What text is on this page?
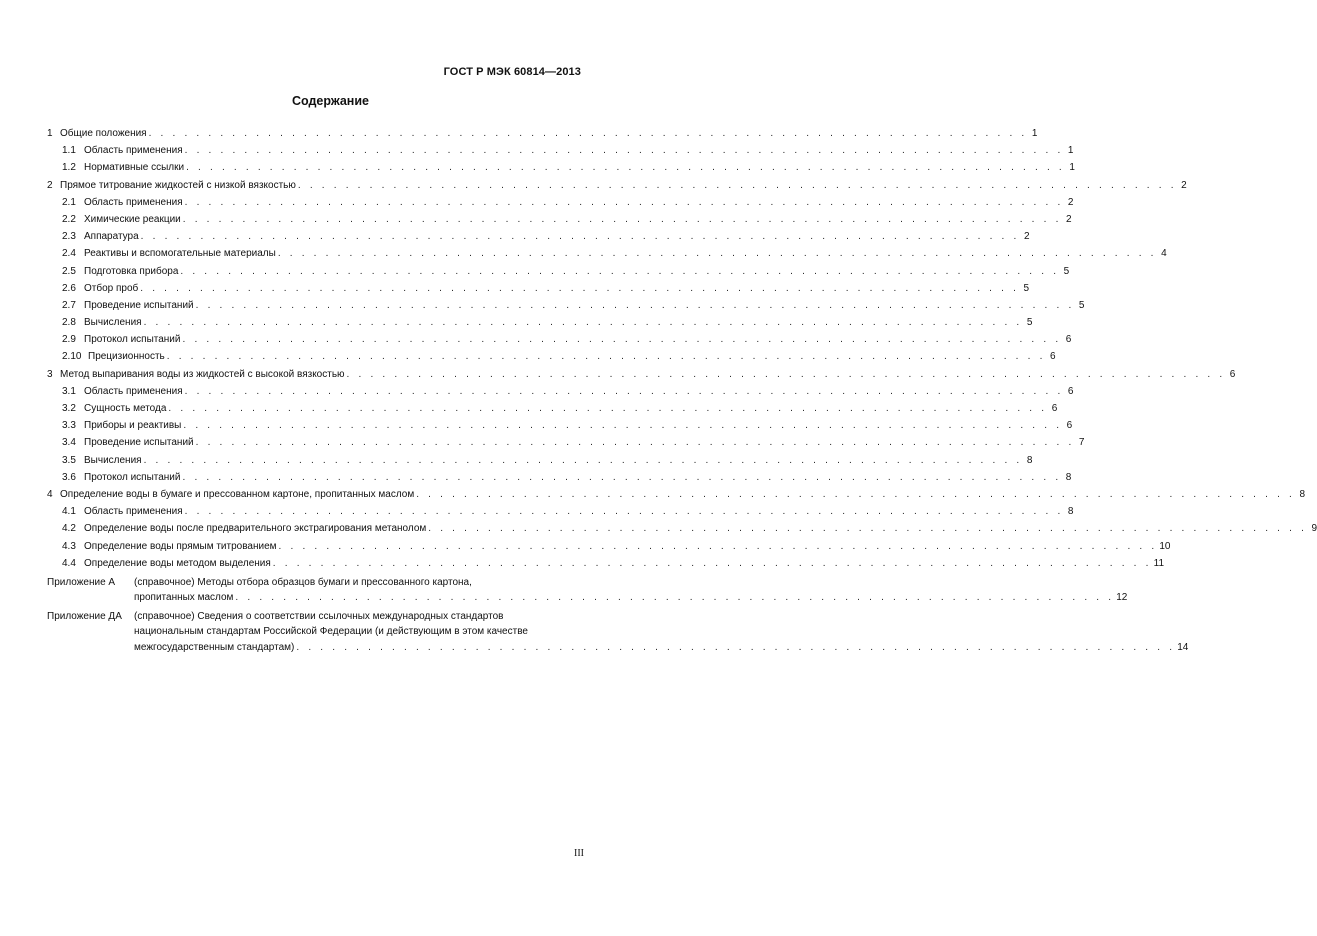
ГОСТ Р МЭК 60814—2013
Содержание
1 Общие положения . . . . . . . . . . . . . . . . . . . . . . . . . . . . . . . . . . . . . . . . . . . . . . . . . . . . . . . . . . . . . . . . . . . . . . . . . . 1
1.1 Область применения . . . . . . . . . . . . . . . . . . . . . . . . . . . . . . . . . . . . . . . . . . . . . . . . . . . . . . . . . . . . . . . . . . . . . . . . . . 1
1.2 Нормативные ссылки . . . . . . . . . . . . . . . . . . . . . . . . . . . . . . . . . . . . . . . . . . . . . . . . . . . . . . . . . . . . . . . . . . . . . . . . . . 1
2 Прямое титрование жидкостей с низкой вязкостью . . . . . . . . . . . . . . . . . . . . . . . . . . . . . . . . . . . . . . . . . . . . . . . . . . . . . . . . . . . . . . . . . . . . . . . . . . 2
2.1 Область применения . . . . . . . . . . . . . . . . . . . . . . . . . . . . . . . . . . . . . . . . . . . . . . . . . . . . . . . . . . . . . . . . . . . . . . . . . . 2
2.2 Химические реакции . . . . . . . . . . . . . . . . . . . . . . . . . . . . . . . . . . . . . . . . . . . . . . . . . . . . . . . . . . . . . . . . . . . . . . . . . . 2
2.3 Аппаратура . . . . . . . . . . . . . . . . . . . . . . . . . . . . . . . . . . . . . . . . . . . . . . . . . . . . . . . . . . . . . . . . . . . . . . . . . . 2
2.4 Реактивы и вспомогательные материалы . . . . . . . . . . . . . . . . . . . . . . . . . . . . . . . . . . . . . . . . . . . . . . . . . . . . . . . . . . . . . . . . . . . . . . . . . . 4
2.5 Подготовка прибора . . . . . . . . . . . . . . . . . . . . . . . . . . . . . . . . . . . . . . . . . . . . . . . . . . . . . . . . . . . . . . . . . . . . . . . . . . 5
2.6 Отбор проб . . . . . . . . . . . . . . . . . . . . . . . . . . . . . . . . . . . . . . . . . . . . . . . . . . . . . . . . . . . . . . . . . . . . . . . . . . 5
2.7 Проведение испытаний . . . . . . . . . . . . . . . . . . . . . . . . . . . . . . . . . . . . . . . . . . . . . . . . . . . . . . . . . . . . . . . . . . . . . . . . . . 5
2.8 Вычисления . . . . . . . . . . . . . . . . . . . . . . . . . . . . . . . . . . . . . . . . . . . . . . . . . . . . . . . . . . . . . . . . . . . . . . . . . . 5
2.9 Протокол испытаний . . . . . . . . . . . . . . . . . . . . . . . . . . . . . . . . . . . . . . . . . . . . . . . . . . . . . . . . . . . . . . . . . . . . . . . . . . 6
2.10 Прецизионность . . . . . . . . . . . . . . . . . . . . . . . . . . . . . . . . . . . . . . . . . . . . . . . . . . . . . . . . . . . . . . . . . . . . . . . . . . 6
3 Метод выпаривания воды из жидкостей с высокой вязкостью . . . . . . . . . . . . . . . . . . . . . . . . . . . . . . . . . . . . . . . . . . . . . . . . . . . . . . . . . . . . . . . . . . . . . . . . . . 6
3.1 Область применения . . . . . . . . . . . . . . . . . . . . . . . . . . . . . . . . . . . . . . . . . . . . . . . . . . . . . . . . . . . . . . . . . . . . . . . . . . 6
3.2 Сущность метода . . . . . . . . . . . . . . . . . . . . . . . . . . . . . . . . . . . . . . . . . . . . . . . . . . . . . . . . . . . . . . . . . . . . . . . . . . 6
3.3 Приборы и реактивы . . . . . . . . . . . . . . . . . . . . . . . . . . . . . . . . . . . . . . . . . . . . . . . . . . . . . . . . . . . . . . . . . . . . . . . . . . 6
3.4 Проведение испытаний . . . . . . . . . . . . . . . . . . . . . . . . . . . . . . . . . . . . . . . . . . . . . . . . . . . . . . . . . . . . . . . . . . . . . . . . . . 7
3.5 Вычисления . . . . . . . . . . . . . . . . . . . . . . . . . . . . . . . . . . . . . . . . . . . . . . . . . . . . . . . . . . . . . . . . . . . . . . . . . . 8
3.6 Протокол испытаний . . . . . . . . . . . . . . . . . . . . . . . . . . . . . . . . . . . . . . . . . . . . . . . . . . . . . . . . . . . . . . . . . . . . . . . . . . 8
4 Определение воды в бумаге и прессованном картоне, пропитанных маслом . . . . . . . . . . . . . . . . . . . . . . . . . . . . . . . . . . . . . . . . . . . . . . . . . . . . . . . . . . . . . . . . . . . . . . . . . . 8
4.1 Область применения . . . . . . . . . . . . . . . . . . . . . . . . . . . . . . . . . . . . . . . . . . . . . . . . . . . . . . . . . . . . . . . . . . . . . . . . . . 8
4.2 Определение воды после предварительного экстрагирования метанолом . . . . . . . . . . . . . . . . . . . . . . . . . . . . . . . . . . . . . . . . . . . . . . . . . . . . . . . . . . . . . . . . . . . . . . . . . . 9
4.3 Определение воды прямым титрованием . . . . . . . . . . . . . . . . . . . . . . . . . . . . . . . . . . . . . . . . . . . . . . . . . . . . . . . . . . . . . . . . . . . . . . . . . . 10
4.4 Определение воды методом выделения . . . . . . . . . . . . . . . . . . . . . . . . . . . . . . . . . . . . . . . . . . . . . . . . . . . . . . . . . . . . . . . . . . . . . . . . . . 11
Приложение А	(справочное) Методы отбора образцов бумаги и прессованного картона,
пропитанных маслом . . . . . . . . . . . . . . . . . . . . . . . . . . . . . . . . . . . . . . . . . . . . . . . . . . . . . . . . . . . . . . . . . . . . . . . . . . 12
Приложение ДА	(справочное) Сведения о соответствии ссылочных международных стандартов
национальным стандартам Российской Федерации (и действующим в этом качестве
межгосударственным стандартам) . . . . . . . . . . . . . . . . . . . . . . . . . . . . . . . . . . . . . . . . . . . . . . . . . . . . . . . . . . . . . . . . . . . . . . . . . . 14
III
